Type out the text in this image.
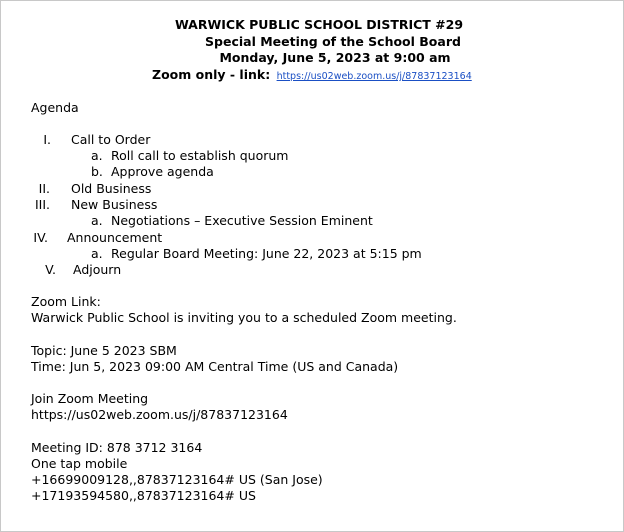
WARWICK PUBLIC SCHOOL DISTRICT #29
Special Meeting of the School Board
Monday, June 5, 2023 at 9:00 am
Zoom only - link: https://us02web.zoom.us/j/87837123164
Agenda
I. Call to Order
a. Roll call to establish quorum
b. Approve agenda
II. Old Business
III. New Business
a. Negotiations – Executive Session Eminent
IV. Announcement
a. Regular Board Meeting: June 22, 2023 at 5:15 pm
V. Adjourn
Zoom Link:
Warwick Public School is inviting you to a scheduled Zoom meeting.
Topic: June 5 2023 SBM
Time: Jun 5, 2023 09:00 AM Central Time (US and Canada)
Join Zoom Meeting
https://us02web.zoom.us/j/87837123164
Meeting ID: 878 3712 3164
One tap mobile
+16699009128,,87837123164# US (San Jose)
+17193594580,,87837123164# US
